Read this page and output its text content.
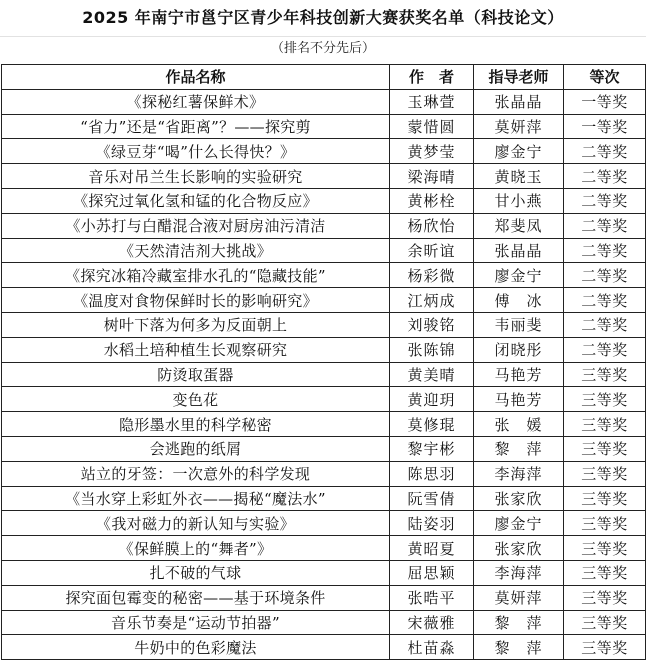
2025 年南宁市邕宁区青少年科技创新大赛获奖名单（科技论文）
（排名不分先后）
作品名称	作　者	指导老师	等次
《探秘红薯保鲜术》	玉琳萱	张晶晶	一等奖
“省力”还是“省距离”？——探究剪	蒙惜圆	莫妍萍	一等奖
《绿豆芽“喝”什么长得快？》	黄梦莹	廖金宁	二等奖
音乐对吊兰生长影响的实验研究	梁海晴	黄晓玉	二等奖
《探究过氧化氢和锰的化合物反应》	黄彬栓	甘小燕	二等奖
《小苏打与白醋混合液对厨房油污清洁	杨欣怡	郑斐凤	二等奖
《天然清洁剂大挑战》	余昕谊	张晶晶	二等奖
《探究冰箱冷藏室排水孔的“隐藏技能”	杨彩微	廖金宁	二等奖
《温度对食物保鲜时长的影响研究》	江炳成	傅　冰	二等奖
树叶下落为何多为反面朝上	刘骏铭	韦丽斐	二等奖
水稻土培种植生长观察研究	张陈锦	闭晓彤	二等奖
防烫取蛋器	黄美晴	马艳芳	三等奖
变色花	黄迎玥	马艳芳	三等奖
隐形墨水里的科学秘密	莫修琨	张　媛	三等奖
会逃跑的纸屑	黎宇彬	黎　萍	三等奖
站立的牙签：一次意外的科学发现	陈思羽	李海萍	三等奖
《当水穿上彩虹外衣——揭秘“魔法水”	阮雪倩	张家欣	三等奖
《我对磁力的新认知与实验》	陆姿羽	廖金宁	三等奖
《保鲜膜上的“舞者”》	黄昭夏	张家欣	三等奖
扎不破的气球	屈思颖	李海萍	三等奖
探究面包霉变的秘密——基于环境条件	张晧平	莫妍萍	三等奖
音乐节奏是“运动节拍器”	宋薇雅	黎　萍	三等奖
牛奶中的色彩魔法	杜苗淼	黎　萍	三等奖
